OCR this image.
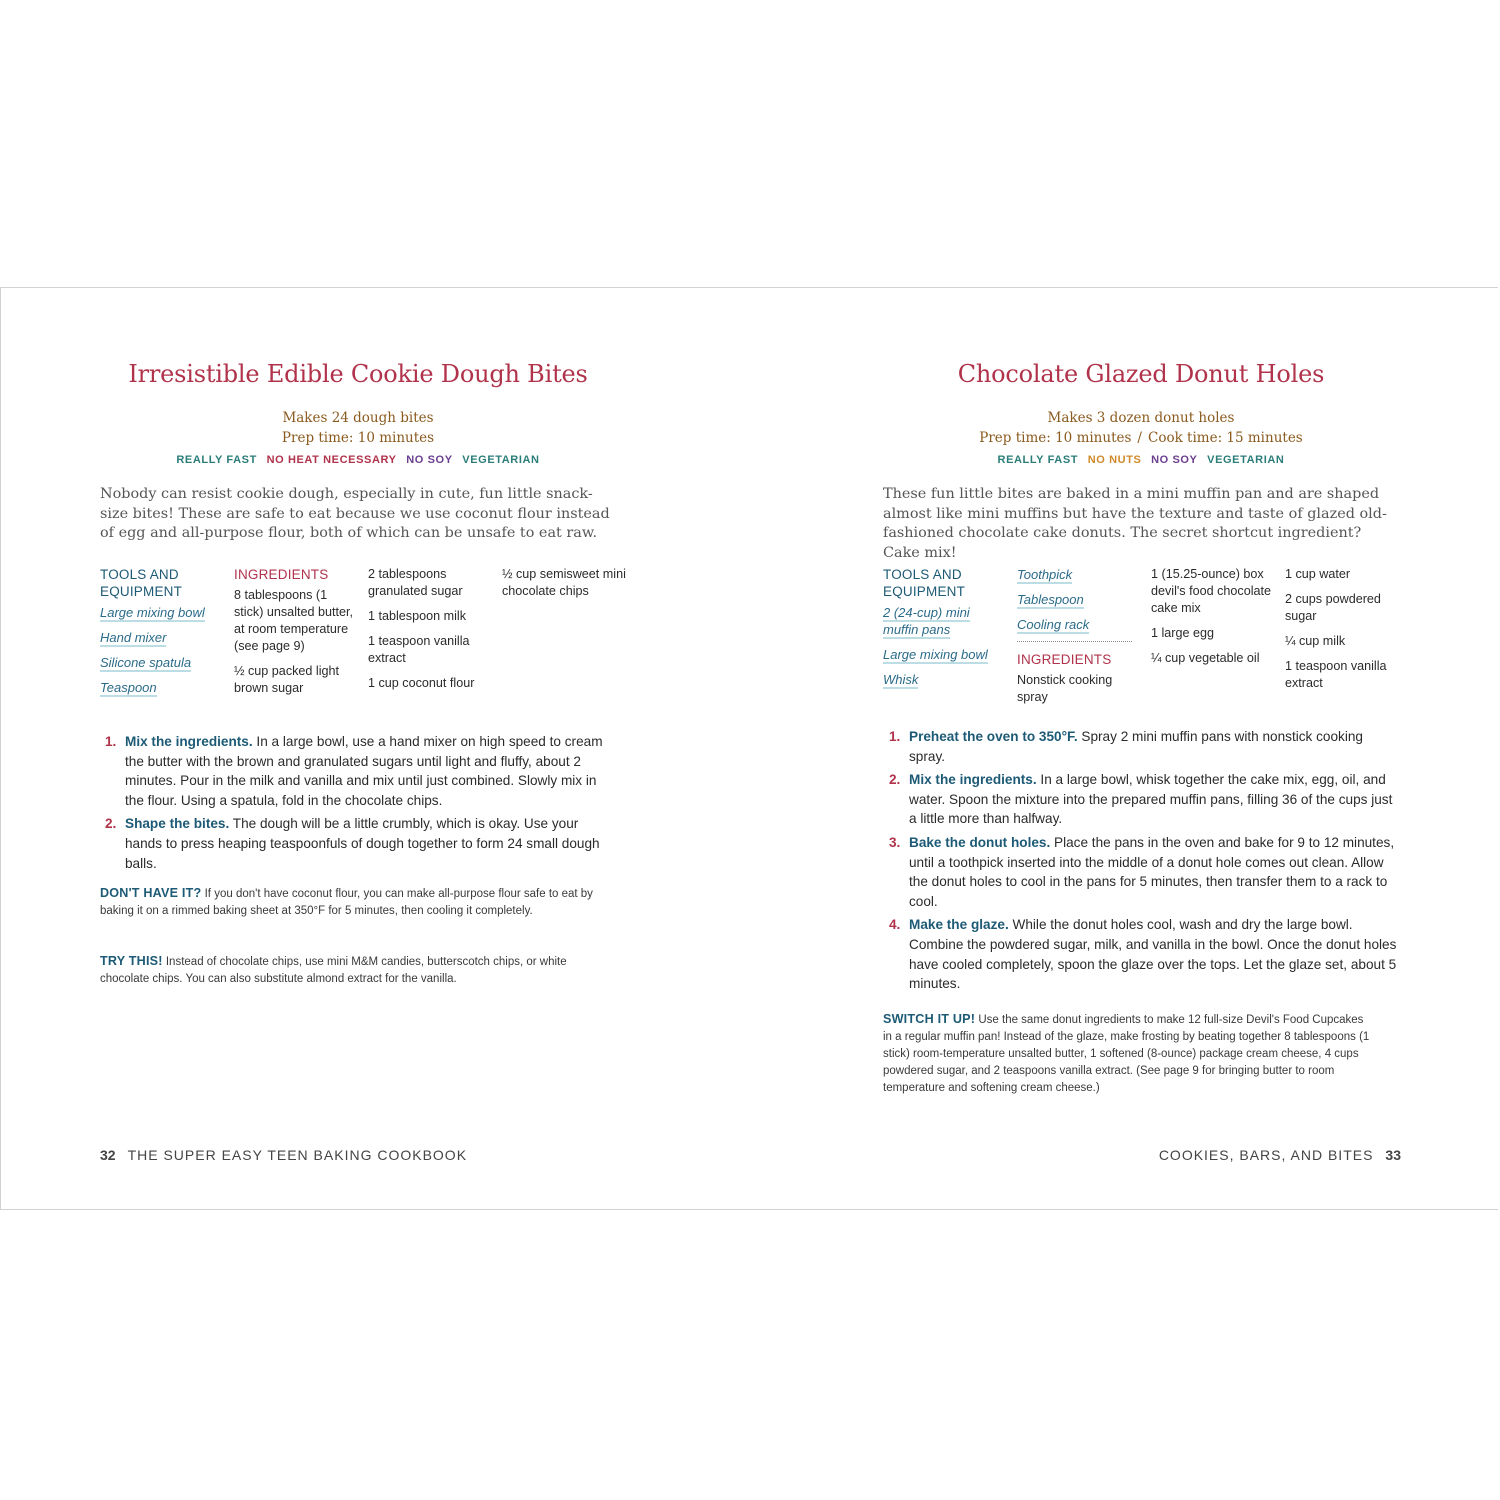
Irresistible Edible Cookie Dough Bites
Makes 24 dough bites
Prep time: 10 minutes
REALLY FAST NO HEAT NECESSARY NO SOY VEGETARIAN

Nobody can resist cookie dough, especially in cute, fun little snack-size bites! These are safe to eat because we use coconut flour instead of egg and all-purpose flour, both of which can be unsafe to eat raw.

TOOLS AND EQUIPMENT
Large mixing bowl
Hand mixer
Silicone spatula
Teaspoon
INGREDIENTS
8 tablespoons (1 stick) unsalted butter, at room temperature (see page 9)
½ cup packed light brown sugar
2 tablespoons granulated sugar
1 tablespoon milk
1 teaspoon vanilla extract
1 cup coconut flour
½ cup semisweet mini chocolate chips
1. Mix the ingredients. In a large bowl, use a hand mixer on high speed to cream the butter with the brown and granulated sugars until light and fluffy, about 2 minutes. Pour in the milk and vanilla and mix until just combined. Slowly mix in the flour. Using a spatula, fold in the chocolate chips.
2. Shape the bites. The dough will be a little crumbly, which is okay. Use your hands to press heaping teaspoonfuls of dough together to form 24 small dough balls.

DON'T HAVE IT? If you don't have coconut flour, you can make all-purpose flour safe to eat by baking it on a rimmed baking sheet at 350°F for 5 minutes, then cooling it completely.

TRY THIS! Instead of chocolate chips, use mini M&M candies, butterscotch chips, or white chocolate chips. You can also substitute almond extract for the vanilla.

32 THE SUPER EASY TEEN BAKING COOKBOOK
Chocolate Glazed Donut Holes
Makes 3 dozen donut holes
Prep time: 10 minutes / Cook time: 15 minutes
REALLY FAST NO NUTS NO SOY VEGETARIAN

These fun little bites are baked in a mini muffin pan and are shaped almost like mini muffins but have the texture and taste of glazed old-fashioned chocolate cake donuts. The secret shortcut ingredient? Cake mix!

TOOLS AND EQUIPMENT
2 (24-cup) mini muffin pans
Large mixing bowl
Whisk
Toothpick
Tablespoon
Cooling rack
INGREDIENTS
Nonstick cooking spray
1 (15.25-ounce) box devil's food chocolate cake mix
1 large egg
¼ cup vegetable oil
1 cup water
2 cups powdered sugar
¼ cup milk
1 teaspoon vanilla extract
1. Preheat the oven to 350°F. Spray 2 mini muffin pans with nonstick cooking spray.
2. Mix the ingredients. In a large bowl, whisk together the cake mix, egg, oil, and water. Spoon the mixture into the prepared muffin pans, filling 36 of the cups just a little more than halfway.
3. Bake the donut holes. Place the pans in the oven and bake for 9 to 12 minutes, until a toothpick inserted into the middle of a donut hole comes out clean. Allow the donut holes to cool in the pans for 5 minutes, then transfer them to a rack to cool.
4. Make the glaze. While the donut holes cool, wash and dry the large bowl. Combine the powdered sugar, milk, and vanilla in the bowl. Once the donut holes have cooled completely, spoon the glaze over the tops. Let the glaze set, about 5 minutes.

SWITCH IT UP! Use the same donut ingredients to make 12 full-size Devil's Food Cupcakes in a regular muffin pan! Instead of the glaze, make frosting by beating together 8 tablespoons (1 stick) room-temperature unsalted butter, 1 softened (8-ounce) package cream cheese, 4 cups powdered sugar, and 2 teaspoons vanilla extract. (See page 9 for bringing butter to room temperature and softening cream cheese.)

COOKIES, BARS, AND BITES 33
